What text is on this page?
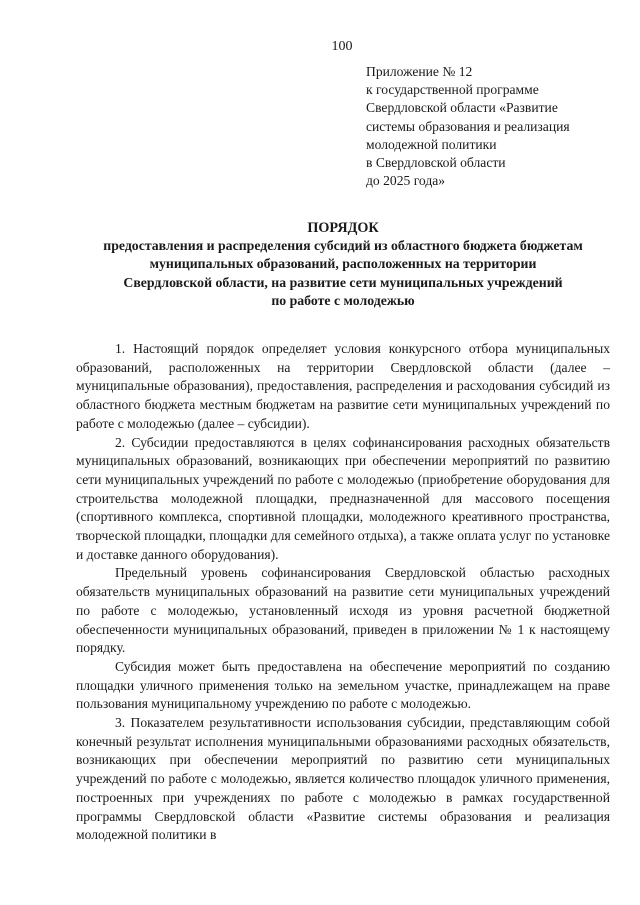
100
Приложение № 12
к государственной программе
Свердловской области «Развитие
системы образования и реализация
молодежной политики
в Свердловской области
до 2025 года»
ПОРЯДОК
предоставления и распределения субсидий из областного бюджета бюджетам
муниципальных образований, расположенных на территории
Свердловской области, на развитие сети муниципальных учреждений
по работе с молодежью

1. Настоящий порядок определяет условия конкурсного отбора муниципальных образований, расположенных на территории Свердловской области (далее – муниципальные образования), предоставления, распределения и расходования субсидий из областного бюджета местным бюджетам на развитие сети муниципальных учреждений по работе с молодежью (далее – субсидии).

2. Субсидии предоставляются в целях софинансирования расходных обязательств муниципальных образований, возникающих при обеспечении мероприятий по развитию сети муниципальных учреждений по работе с молодежью (приобретение оборудования для строительства молодежной площадки, предназначенной для массового посещения (спортивного комплекса, спортивной площадки, молодежного креативного пространства, творческой площадки, площадки для семейного отдыха), а также оплата услуг по установке и доставке данного оборудования).

Предельный уровень софинансирования Свердловской областью расходных обязательств муниципальных образований на развитие сети муниципальных учреждений по работе с молодежью, установленный исходя из уровня расчетной бюджетной обеспеченности муниципальных образований, приведен в приложении № 1 к настоящему порядку.

Субсидия может быть предоставлена на обеспечение мероприятий по созданию площадки уличного применения только на земельном участке, принадлежащем на праве пользования муниципальному учреждению по работе с молодежью.

3. Показателем результативности использования субсидии, представляющим собой конечный результат исполнения муниципальными образованиями расходных обязательств, возникающих при обеспечении мероприятий по развитию сети муниципальных учреждений по работе с молодежью, является количество площадок уличного применения, построенных при учреждениях по работе с молодежью в рамках государственной программы Свердловской области «Развитие системы образования и реализация молодежной политики в
